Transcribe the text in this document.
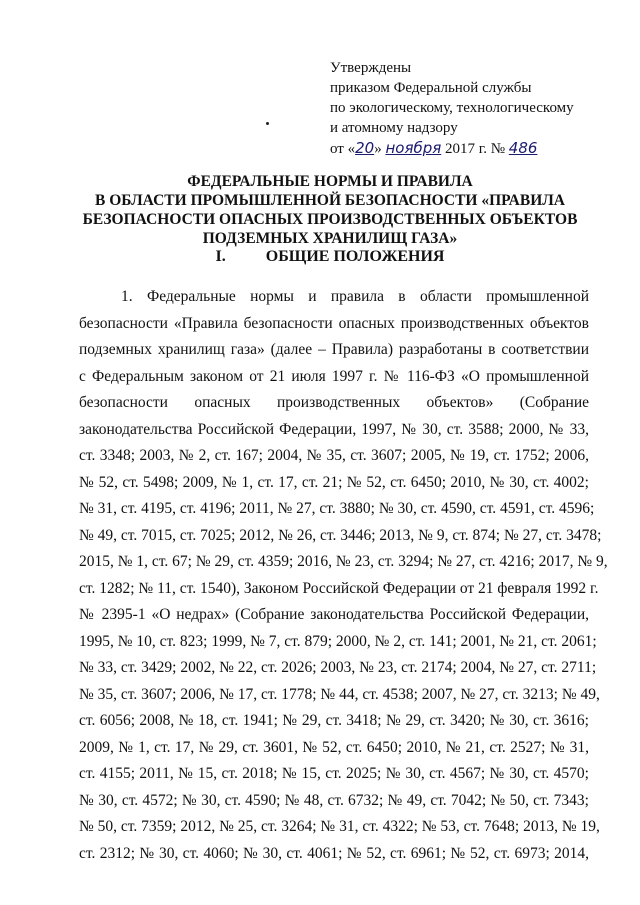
Утверждены
приказом Федеральной службы
по экологическому, технологическому
и атомному надзору
от «20» ноября 2017 г. № 486
ФЕДЕРАЛЬНЫЕ НОРМЫ И ПРАВИЛА
В ОБЛАСТИ ПРОМЫШЛЕННОЙ БЕЗОПАСНОСТИ «ПРАВИЛА
БЕЗОПАСНОСТИ ОПАСНЫХ ПРОИЗВОДСТВЕННЫХ ОБЪЕКТОВ
ПОДЗЕМНЫХ ХРАНИЛИЩ ГАЗА»
I.	ОБЩИЕ ПОЛОЖЕНИЯ
1. Федеральные нормы и правила в области промышленной
безопасности «Правила безопасности опасных производственных объектов
подземных хранилищ газа» (далее – Правила) разработаны в соответствии
с Федеральным законом от 21 июля 1997 г. № 116-ФЗ «О промышленной
безопасности опасных производственных объектов» (Собрание
законодательства Российской Федерации, 1997, № 30, ст. 3588; 2000, № 33,
ст. 3348; 2003, № 2, ст. 167; 2004, № 35, ст. 3607; 2005, № 19, ст. 1752; 2006,
№ 52, ст. 5498; 2009, № 1, ст. 17, ст. 21; № 52, ст. 6450; 2010, № 30, ст. 4002;
№ 31, ст. 4195, ст. 4196; 2011, № 27, ст. 3880; № 30, ст. 4590, ст. 4591, ст. 4596;
№ 49, ст. 7015, ст. 7025; 2012, № 26, ст. 3446; 2013, № 9, ст. 874; № 27, ст. 3478;
2015, № 1, ст. 67; № 29, ст. 4359; 2016, № 23, ст. 3294; № 27, ст. 4216; 2017, № 9,
ст. 1282; № 11, ст. 1540), Законом Российской Федерации от 21 февраля 1992 г.
№ 2395-1 «О недрах» (Собрание законодательства Российской Федерации,
1995, № 10, ст. 823; 1999, № 7, ст. 879; 2000, № 2, ст. 141; 2001, № 21, ст. 2061;
№ 33, ст. 3429; 2002, № 22, ст. 2026; 2003, № 23, ст. 2174; 2004, № 27, ст. 2711;
№ 35, ст. 3607; 2006, № 17, ст. 1778; № 44, ст. 4538; 2007, № 27, ст. 3213; № 49,
ст. 6056; 2008, № 18, ст. 1941; № 29, ст. 3418; № 29, ст. 3420; № 30, ст. 3616;
2009, № 1, ст. 17, № 29, ст. 3601, № 52, ст. 6450; 2010, № 21, ст. 2527; № 31,
ст. 4155; 2011, № 15, ст. 2018; № 15, ст. 2025; № 30, ст. 4567; № 30, ст. 4570;
№ 30, ст. 4572; № 30, ст. 4590; № 48, ст. 6732; № 49, ст. 7042; № 50, ст. 7343;
№ 50, ст. 7359; 2012, № 25, ст. 3264; № 31, ст. 4322; № 53, ст. 7648; 2013, № 19,
ст. 2312; № 30, ст. 4060; № 30, ст. 4061; № 52, ст. 6961; № 52, ст. 6973; 2014,
